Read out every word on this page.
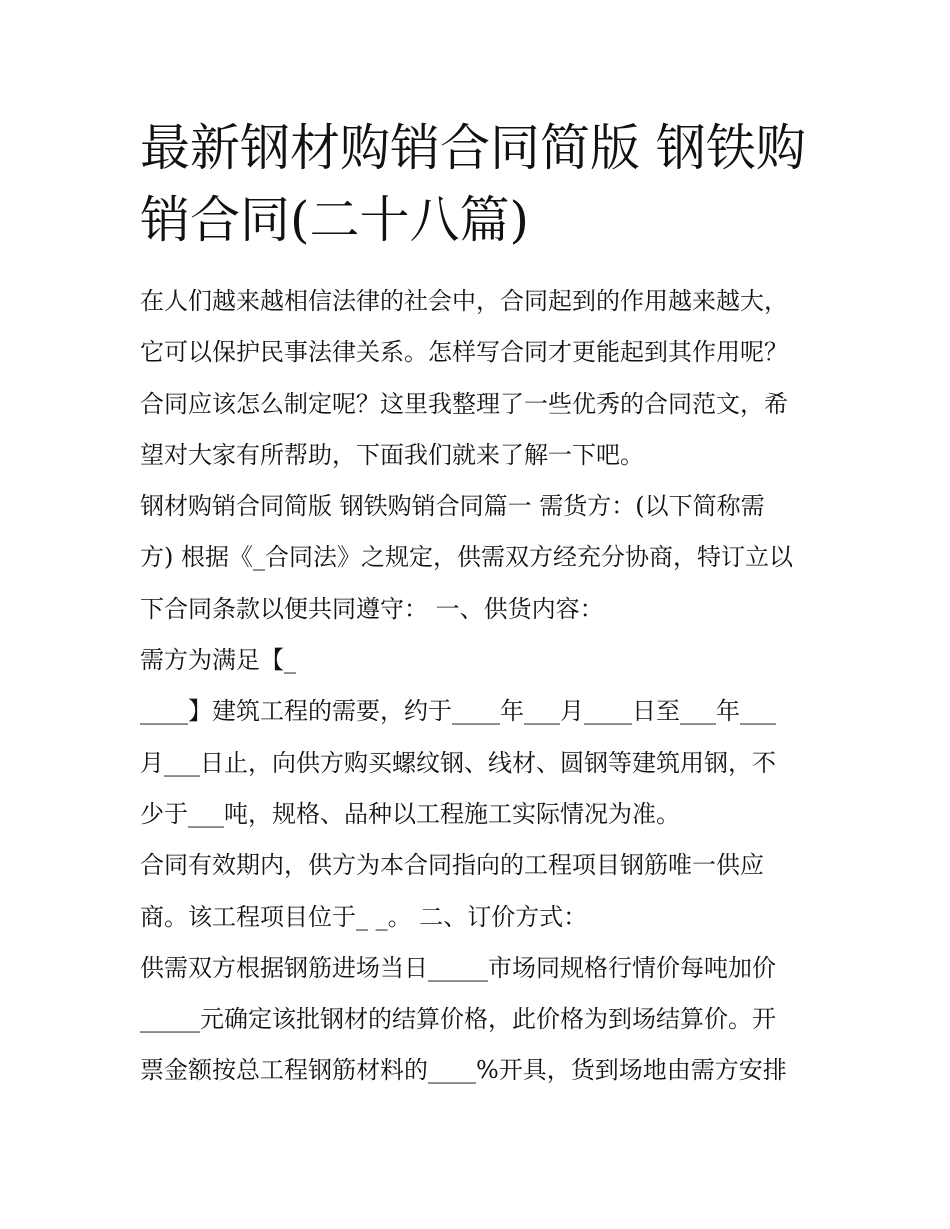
最新钢材购销合同简版 钢铁购
销合同(二十八篇)
在人们越来越相信法律的社会中，合同起到的作用越来越大，
它可以保护民事法律关系。怎样写合同才更能起到其作用呢？
合同应该怎么制定呢？这里我整理了一些优秀的合同范文，希
望对大家有所帮助，下面我们就来了解一下吧。
钢材购销合同简版 钢铁购销合同篇一 需货方：(以下简称需
方) 根据《_合同法》之规定，供需双方经充分协商，特订立以
下合同条款以便共同遵守： 一、供货内容：
需方为满足【_
____】建筑工程的需要，约于____年___月____日至___年___
月___日止，向供方购买螺纹钢、线材、圆钢等建筑用钢，不
少于___吨，规格、品种以工程施工实际情况为准。
合同有效期内，供方为本合同指向的工程项目钢筋唯一供应
商。该工程项目位于_ _。 二、订价方式：
供需双方根据钢筋进场当日_____市场同规格行情价每吨加价
_____元确定该批钢材的结算价格，此价格为到场结算价。开
票金额按总工程钢筋材料的____%开具，货到场地由需方安排
